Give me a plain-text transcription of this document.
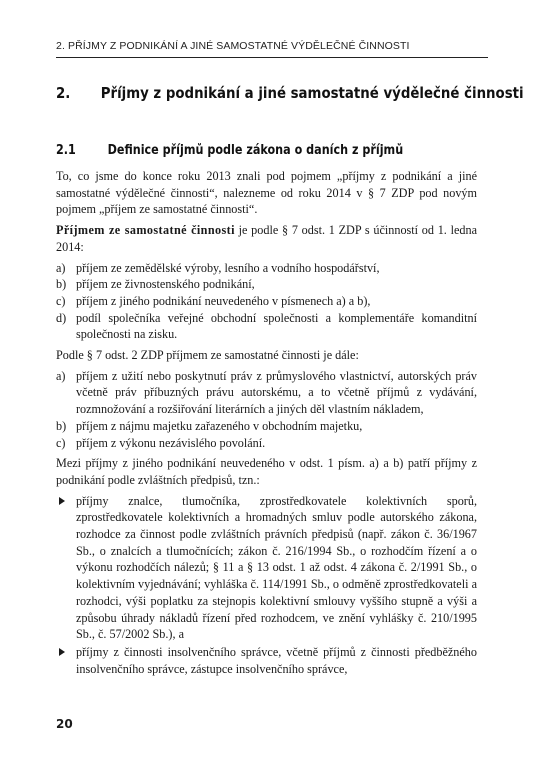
2. PŘÍJMY Z PODNIKÁNÍ A JINÉ SAMOSTATNÉ VÝDĚLEČNÉ ČINNOSTI
2. Příjmy z podnikání a jiné samostatné výdělečné činnosti
2.1 Definice příjmů podle zákona o daních z příjmů

To, co jsme do konce roku 2013 znali pod pojmem „příjmy z podnikání a jiné samostatné výdělečné činnosti“, nalezneme od roku 2014 v § 7 ZDP pod novým pojmem „příjem ze samostatné činnosti“.

Příjmem ze samostatné činnosti je podle § 7 odst. 1 ZDP s účinností od 1. ledna 2014:

a) příjem ze zemědělské výroby, lesního a vodního hospodářství,
b) příjem ze živnostenského podnikání,
c) příjem z jiného podnikání neuvedeného v písmenech a) a b),
d) podíl společníka veřejné obchodní společnosti a komplementáře komanditní společnosti na zisku.

Podle § 7 odst. 2 ZDP příjmem ze samostatné činnosti je dále:

a) příjem z užití nebo poskytnutí práv z průmyslového vlastnictví, autorských práv včetně práv příbuzných právu autorskému, a to včetně příjmů z vydávání, rozmnožování a rozšiřování literárních a jiných děl vlastním nákladem,
b) příjem z nájmu majetku zařazeného v obchodním majetku,
c) příjem z výkonu nezávislého povolání.

Mezi příjmy z jiného podnikání neuvedeného v odst. 1 písm. a) a b) patří příjmy z podnikání podle zvláštních předpisů, tzn.:

příjmy znalce, tlumočníka, zprostředkovatele kolektivních sporů, zprostředkovatele kolektivních a hromadných smluv podle autorského zákona, rozhodce za činnost podle zvláštních právních předpisů (např. zákon č. 36/1967 Sb., o znalcích a tlumočnících; zákon č. 216/1994 Sb., o rozhodčím řízení a o výkonu rozhodčích nálezů; § 11 a § 13 odst. 1 až odst. 4 zákona č. 2/1991 Sb., o kolektivním vyjednávání; vyhláška č. 114/1991 Sb., o odměně zprostředkovateli a rozhodci, výši poplatku za stejnopis kolektivní smlouvy vyššího stupně a výši a způsobu úhrady nákladů řízení před rozhodcem, ve znění vyhlášky č. 210/1995 Sb., č. 57/2002 Sb.), a
příjmy z činnosti insolvenčního správce, včetně příjmů z činnosti předběžného insolvenčního správce, zástupce insolvenčního správce,
20
